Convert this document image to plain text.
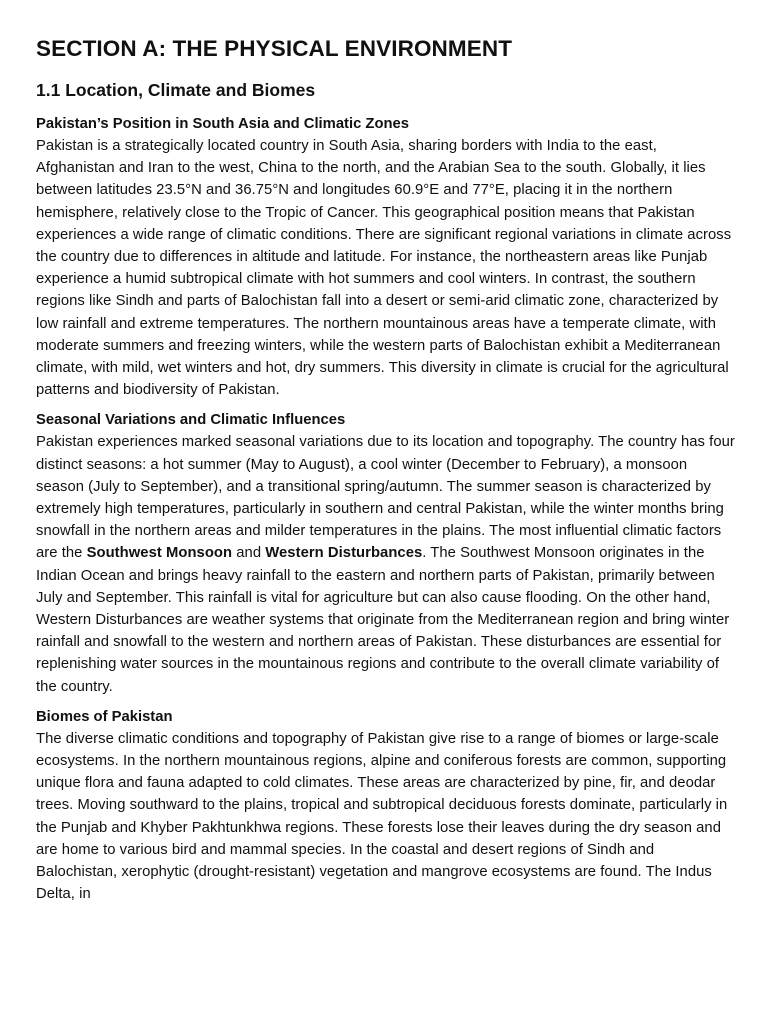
SECTION A: THE PHYSICAL ENVIRONMENT
1.1 Location, Climate and Biomes
Pakistan’s Position in South Asia and Climatic Zones

Pakistan is a strategically located country in South Asia, sharing borders with India to the east, Afghanistan and Iran to the west, China to the north, and the Arabian Sea to the south. Globally, it lies between latitudes 23.5°N and 36.75°N and longitudes 60.9°E and 77°E, placing it in the northern hemisphere, relatively close to the Tropic of Cancer. This geographical position means that Pakistan experiences a wide range of climatic conditions. There are significant regional variations in climate across the country due to differences in altitude and latitude. For instance, the northeastern areas like Punjab experience a humid subtropical climate with hot summers and cool winters. In contrast, the southern regions like Sindh and parts of Balochistan fall into a desert or semi-arid climatic zone, characterized by low rainfall and extreme temperatures. The northern mountainous areas have a temperate climate, with moderate summers and freezing winters, while the western parts of Balochistan exhibit a Mediterranean climate, with mild, wet winters and hot, dry summers. This diversity in climate is crucial for the agricultural patterns and biodiversity of Pakistan.

Seasonal Variations and Climatic Influences

Pakistan experiences marked seasonal variations due to its location and topography. The country has four distinct seasons: a hot summer (May to August), a cool winter (December to February), a monsoon season (July to September), and a transitional spring/autumn. The summer season is characterized by extremely high temperatures, particularly in southern and central Pakistan, while the winter months bring snowfall in the northern areas and milder temperatures in the plains. The most influential climatic factors are the Southwest Monsoon and Western Disturbances. The Southwest Monsoon originates in the Indian Ocean and brings heavy rainfall to the eastern and northern parts of Pakistan, primarily between July and September. This rainfall is vital for agriculture but can also cause flooding. On the other hand, Western Disturbances are weather systems that originate from the Mediterranean region and bring winter rainfall and snowfall to the western and northern areas of Pakistan. These disturbances are essential for replenishing water sources in the mountainous regions and contribute to the overall climate variability of the country.

Biomes of Pakistan

The diverse climatic conditions and topography of Pakistan give rise to a range of biomes or large-scale ecosystems. In the northern mountainous regions, alpine and coniferous forests are common, supporting unique flora and fauna adapted to cold climates. These areas are characterized by pine, fir, and deodar trees. Moving southward to the plains, tropical and subtropical deciduous forests dominate, particularly in the Punjab and Khyber Pakhtunkhwa regions. These forests lose their leaves during the dry season and are home to various bird and mammal species. In the coastal and desert regions of Sindh and Balochistan, xerophytic (drought-resistant) vegetation and mangrove ecosystems are found. The Indus Delta, in
